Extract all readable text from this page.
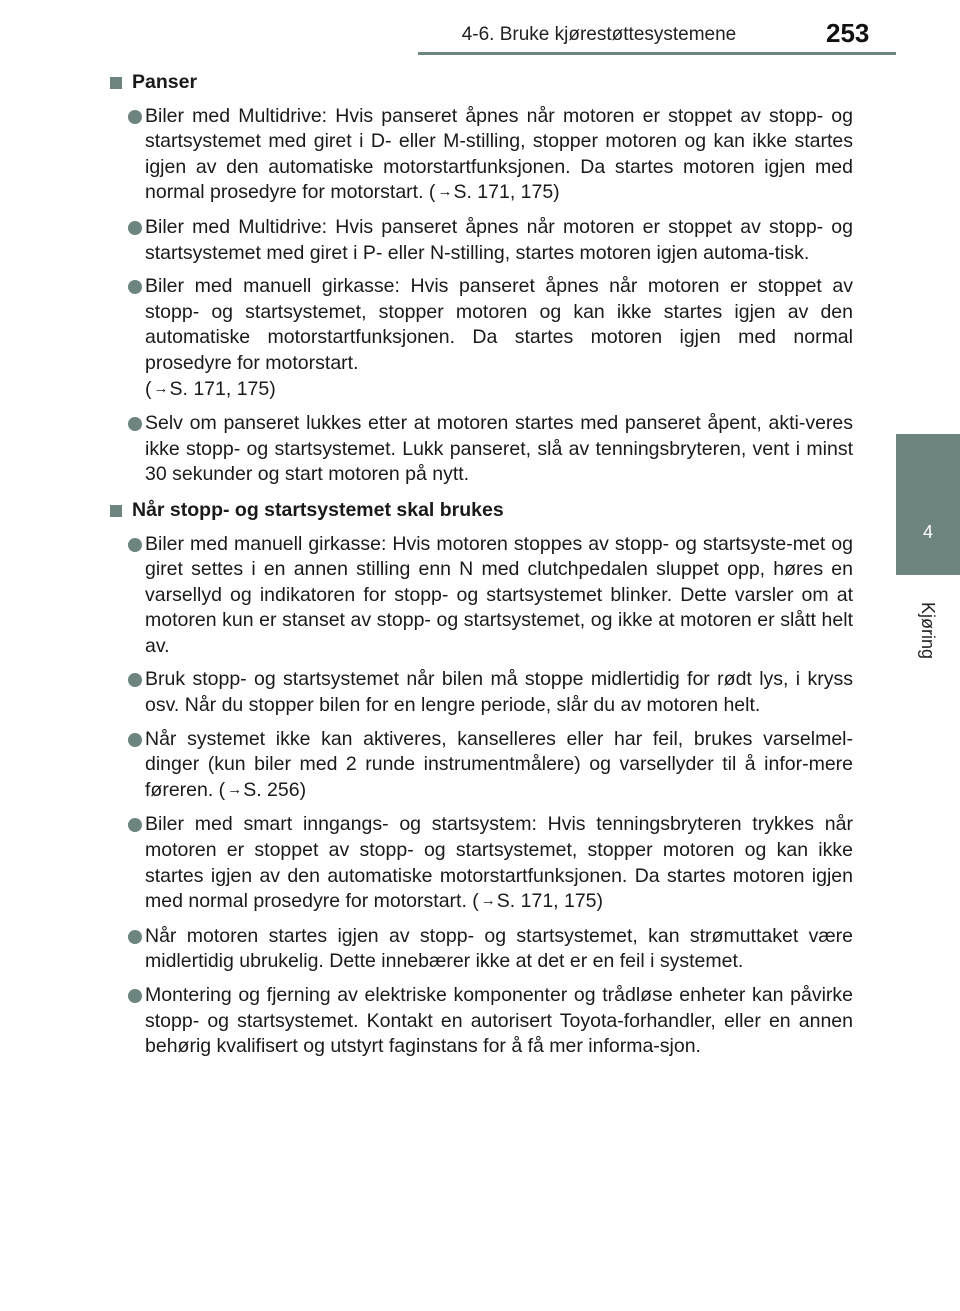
4-6. Bruke kjørestøttesystemene	253
4
Kjøring
Panser
Biler med Multidrive: Hvis panseret åpnes når motoren er stoppet av stopp- og startsystemet med giret i D- eller M-stilling, stopper motoren og kan ikke startes igjen av den automatiske motorstartfunksjonen. Da startes motoren igjen med normal prosedyre for motorstart. ( →S. 171, 175)
Biler med Multidrive: Hvis panseret åpnes når motoren er stoppet av stopp- og startsystemet med giret i P- eller N-stilling, startes motoren igjen automa-tisk.
Biler med manuell girkasse: Hvis panseret åpnes når motoren er stoppet av stopp- og startsystemet, stopper motoren og kan ikke startes igjen av den automatiske motorstartfunksjonen. Da startes motoren igjen med normal prosedyre for motorstart.
( →S. 171, 175)
Selv om panseret lukkes etter at motoren startes med panseret åpent, akti-veres ikke stopp- og startsystemet. Lukk panseret, slå av tenningsbryteren, vent i minst 30 sekunder og start motoren på nytt.
Når stopp- og startsystemet skal brukes
Biler med manuell girkasse: Hvis motoren stoppes av stopp- og startsyste-met og giret settes i en annen stilling enn N med clutchpedalen sluppet opp, høres en varsellyd og indikatoren for stopp- og startsystemet blinker. Dette varsler om at motoren kun er stanset av stopp- og startsystemet, og ikke at motoren er slått helt av.
Bruk stopp- og startsystemet når bilen må stoppe midlertidig for rødt lys, i kryss osv. Når du stopper bilen for en lengre periode, slår du av motoren helt.
Når systemet ikke kan aktiveres, kanselleres eller har feil, brukes varselmel-dinger (kun biler med 2 runde instrumentmålere) og varsellyder til å infor-mere føreren. ( →S. 256)
Biler med smart inngangs- og startsystem: Hvis tenningsbryteren trykkes når motoren er stoppet av stopp- og startsystemet, stopper motoren og kan ikke startes igjen av den automatiske motorstartfunksjonen. Da startes motoren igjen med normal prosedyre for motorstart. ( →S. 171, 175)
Når motoren startes igjen av stopp- og startsystemet, kan strømuttaket være midlertidig ubrukelig. Dette innebærer ikke at det er en feil i systemet.
Montering og fjerning av elektriske komponenter og trådløse enheter kan påvirke stopp- og startsystemet. Kontakt en autorisert Toyota-forhandler, eller en annen behørig kvalifisert og utstyrt faginstans for å få mer informa-sjon.
